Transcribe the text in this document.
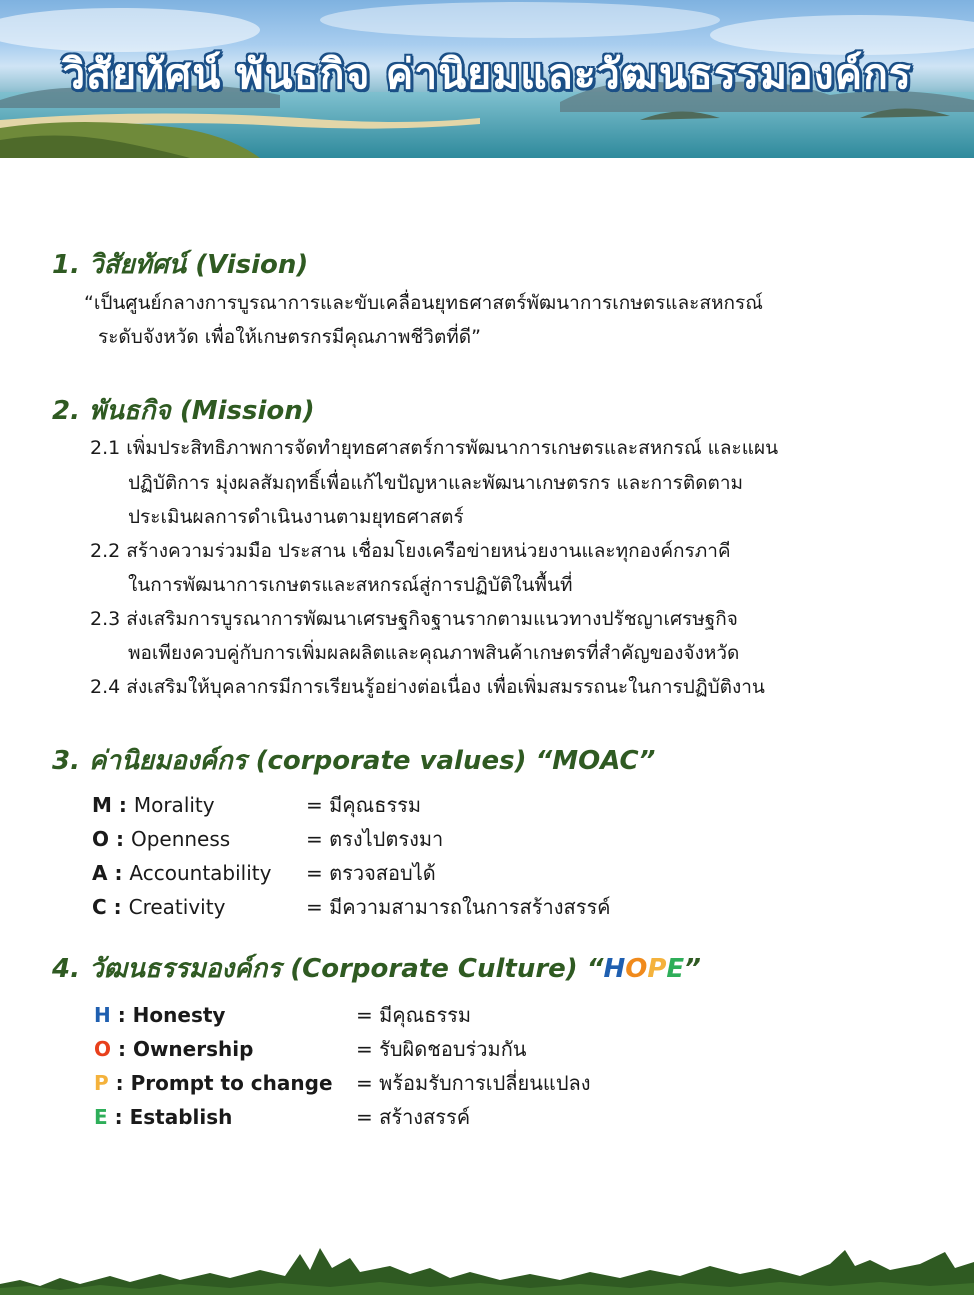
วิสัยทัศน์ พันธกิจ ค่านิยมและวัฒนธรรมองค์กร
1. วิสัยทัศน์ (Vision)
“เป็นศูนย์กลางการบูรณาการและขับเคลื่อนยุทธศาสตร์พัฒนาการเกษตรและสหกรณ์
ระดับจังหวัด เพื่อให้เกษตรกรมีคุณภาพชีวิตที่ดี”
2. พันธกิจ (Mission)
2.1 เพิ่มประสิทธิภาพการจัดทำยุทธศาสตร์การพัฒนาการเกษตรและสหกรณ์ และแผน
ปฏิบัติการ มุ่งผลสัมฤทธิ์เพื่อแก้ไขปัญหาและพัฒนาเกษตรกร และการติดตาม
ประเมินผลการดำเนินงานตามยุทธศาสตร์
2.2 สร้างความร่วมมือ ประสาน เชื่อมโยงเครือข่ายหน่วยงานและทุกองค์กรภาคี
ในการพัฒนาการเกษตรและสหกรณ์สู่การปฏิบัติในพื้นที่
2.3 ส่งเสริมการบูรณาการพัฒนาเศรษฐกิจฐานรากตามแนวทางปรัชญาเศรษฐกิจ
พอเพียงควบคู่กับการเพิ่มผลผลิตและคุณภาพสินค้าเกษตรที่สำคัญของจังหวัด
2.4 ส่งเสริมให้บุคลากรมีการเรียนรู้อย่างต่อเนื่อง เพื่อเพิ่มสมรรถนะในการปฏิบัติงาน
3. ค่านิยมองค์กร (corporate values) “MOAC”
M : Morality	= มีคุณธรรม
O : Openness	= ตรงไปตรงมา
A : Accountability = ตรวจสอบได้
C : Creativity	= มีความสามารถในการสร้างสรรค์
4. วัฒนธรรมองค์กร (Corporate Culture) “HOPE”
H : Honesty	= มีคุณธรรม
O : Ownership	= รับผิดชอบร่วมกัน
P : Prompt to change = พร้อมรับการเปลี่ยนแปลง
E : Establish	= สร้างสรรค์
